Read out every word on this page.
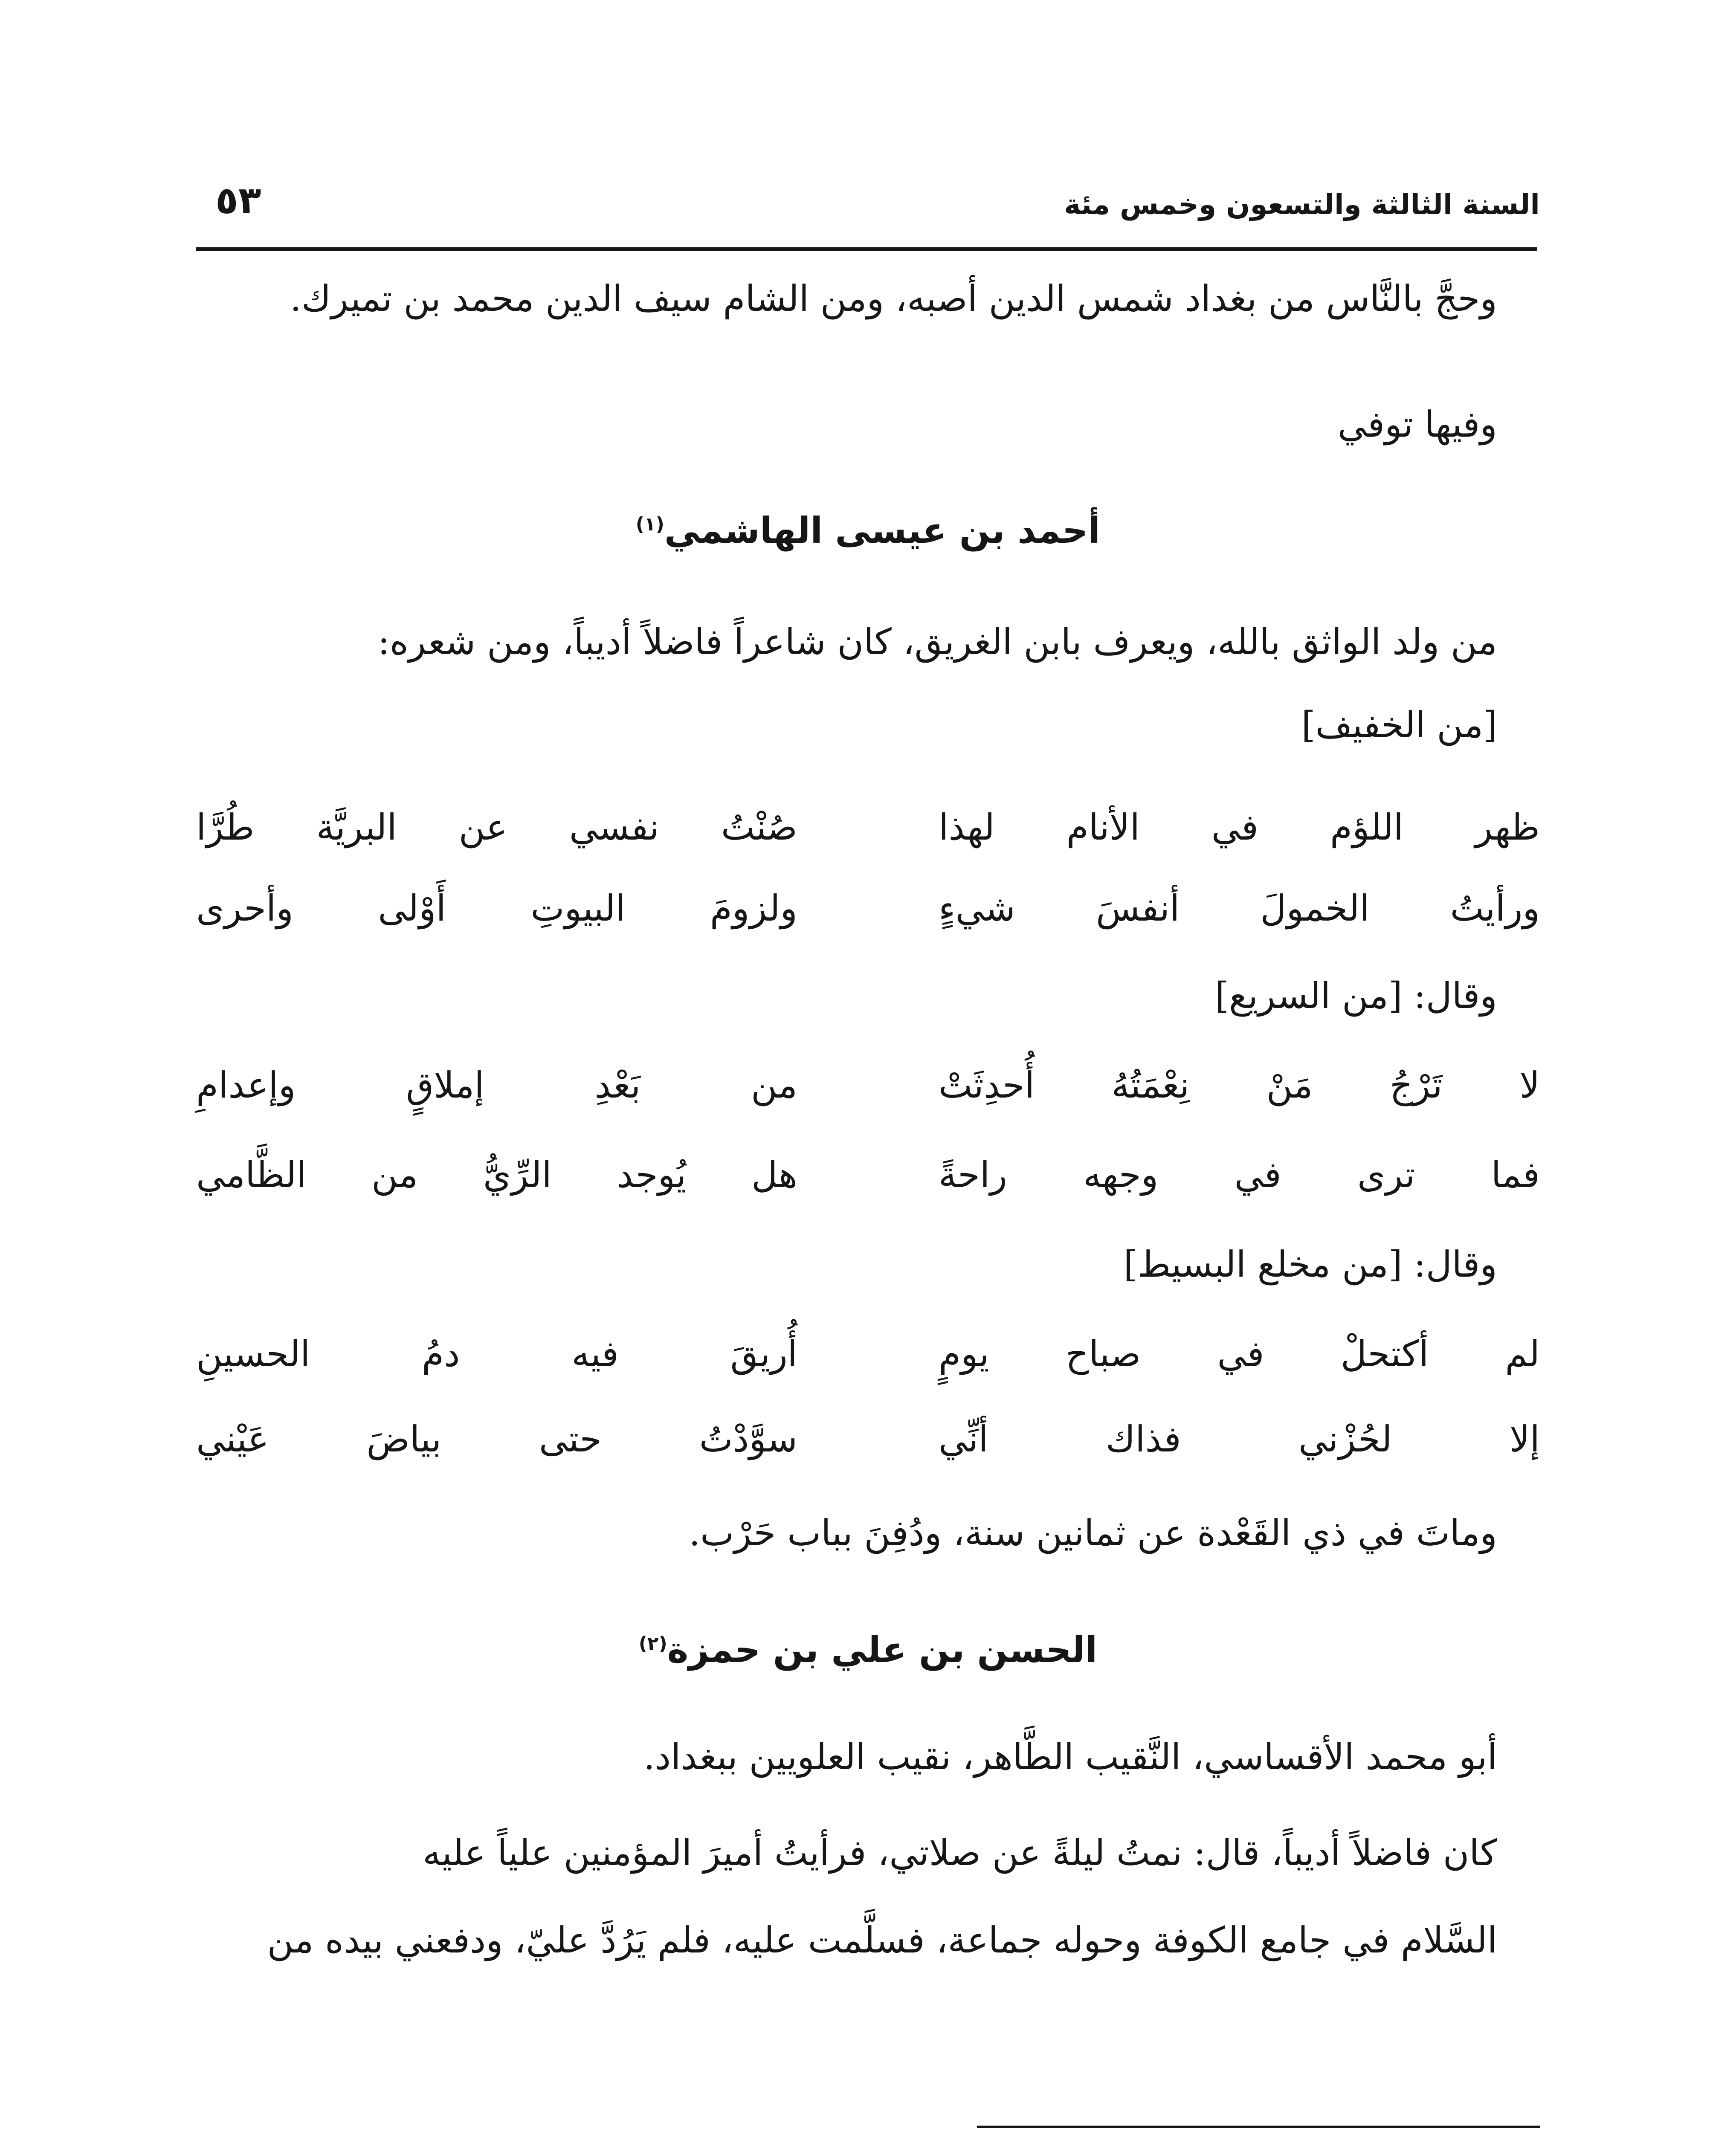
السنة الثالثة والتسعون وخمس مئة
٥٣
وحجَّ بالنَّاس من بغداد شمس الدين أصبه، ومن الشام سيف الدين محمد بن تميرك.
وفيها توفي
أحمد بن عيسى الهاشمي$^{(١)}$
من ولد الواثق بالله، ويعرف بابن الغريق، كان شاعراً فاضلاً أديباً، ومن شعره:
[من الخفيف]
ظهر اللؤم في الأنام لهذا
صُنْتُ نفسي عن البريَّة طُرَّا
ورأيتُ الخمولَ أنفسَ شيءٍ
ولزومَ البيوتِ أَوْلى وأحرى
وقال: [من السريع]
لا تَرْجُ مَنْ نِعْمَتُهُ أُحدِثَتْ
من بَعْدِ إملاقٍ وإعدامِ
فما ترى في وجهه راحةً
هل يُوجد الرِّيُّ من الظَّامي
وقال: [من مخلع البسيط]
لم أكتحلْ في صباح يومٍ
أُريقَ فيه دمُ الحسينِ
إلا لحُزْني فذاك أنِّي
سوَّدْتُ حتى بياضَ عَيْني
وماتَ في ذي القَعْدة عن ثمانين سنة، ودُفِنَ بباب حَرْب.
الحسن بن علي بن حمزة$^{(٢)}$
أبو محمد الأقساسي، النَّقيب الطَّاهر، نقيب العلويين ببغداد.
كان فاضلاً أديباً، قال: نمتُ ليلةً عن صلاتي، فرأيتُ أميرَ المؤمنين علياً عليه
السَّلام في جامع الكوفة وحوله جماعة، فسلَّمت عليه، فلم يَرُدَّ عليّ، ودفعني بيده من
